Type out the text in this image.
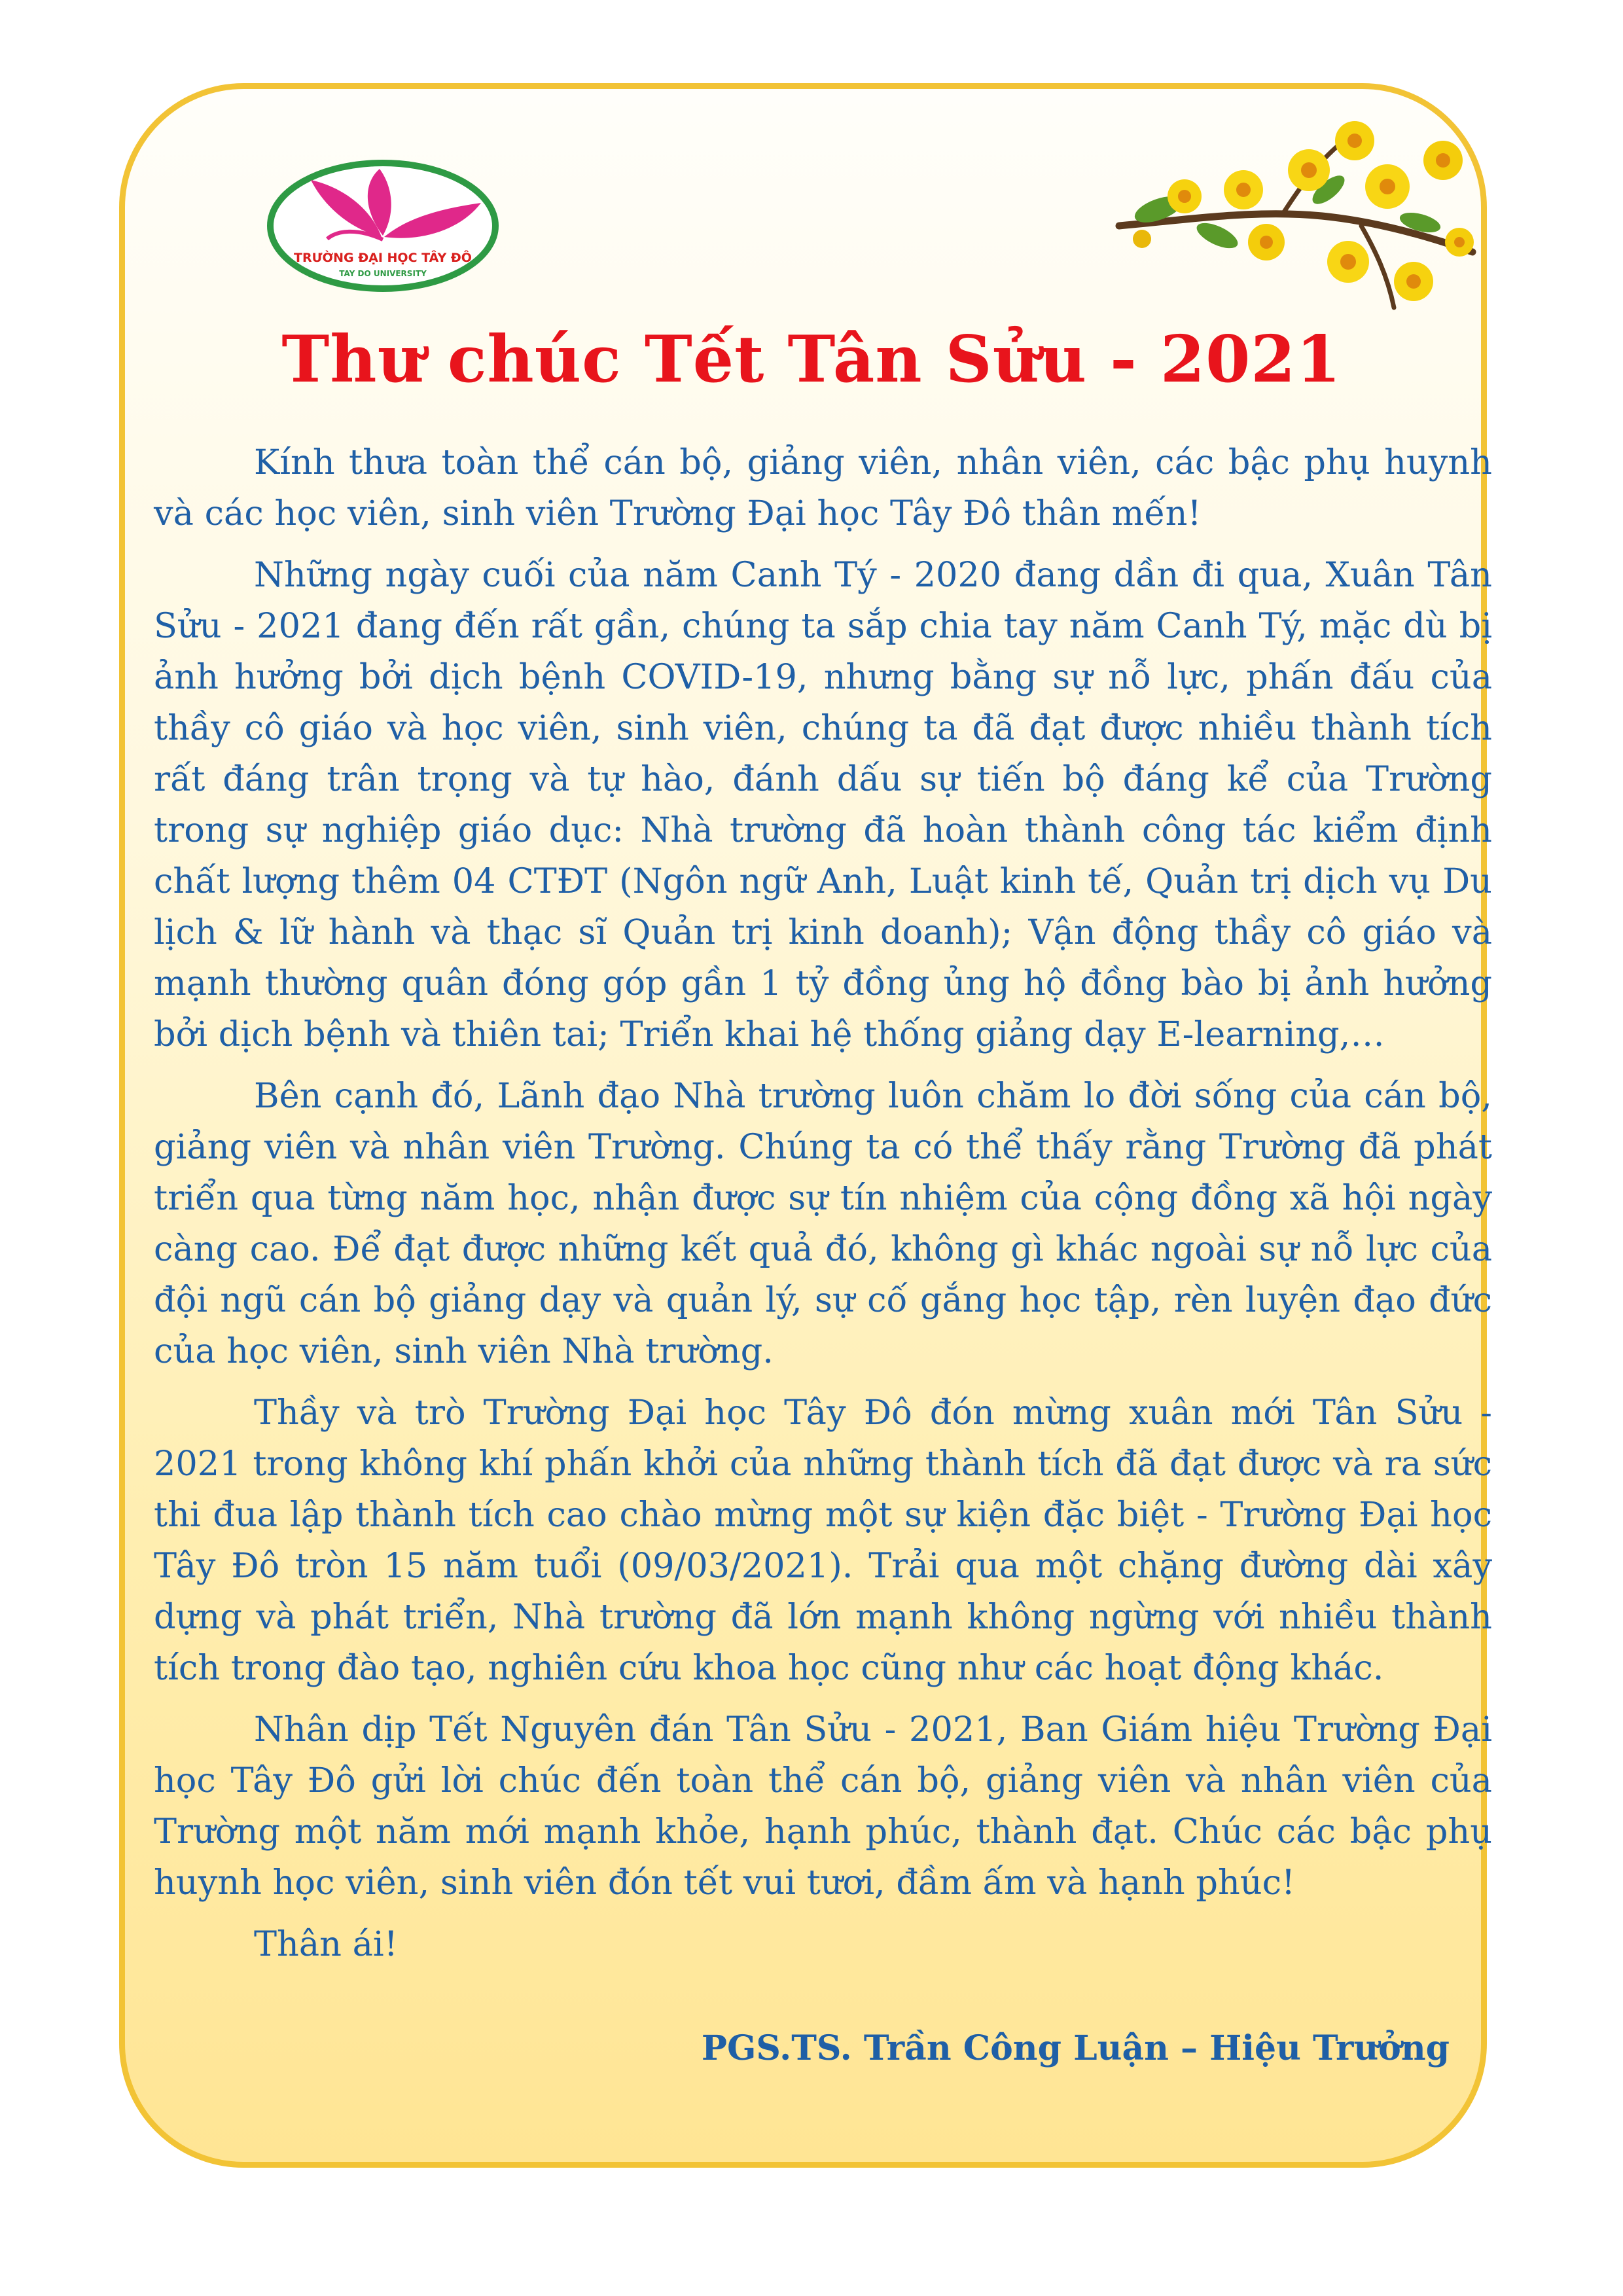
TRƯỜNG ĐẠI HỌC TÂY ĐÔ
TAY DO UNIVERSITY
Thư chúc Tết Tân Sửu - 2021

Kính thưa toàn thể cán bộ, giảng viên, nhân viên, các bậc phụ huynh và các học viên, sinh viên Trường Đại học Tây Đô thân mến!

Những ngày cuối của năm Canh Tý - 2020 đang dần đi qua, Xuân Tân Sửu - 2021 đang đến rất gần, chúng ta sắp chia tay năm Canh Tý, mặc dù bị ảnh hưởng bởi dịch bệnh COVID-19, nhưng bằng sự nỗ lực, phấn đấu của thầy cô giáo và học viên, sinh viên, chúng ta đã đạt được nhiều thành tích rất đáng trân trọng và tự hào, đánh dấu sự tiến bộ đáng kể của Trường trong sự nghiệp giáo dục: Nhà trường đã hoàn thành công tác kiểm định chất lượng thêm 04 CTĐT (Ngôn ngữ Anh, Luật kinh tế, Quản trị dịch vụ Du lịch & lữ hành và thạc sĩ Quản trị kinh doanh); Vận động thầy cô giáo và mạnh thường quân đóng góp gần 1 tỷ đồng ủng hộ đồng bào bị ảnh hưởng bởi dịch bệnh và thiên tai; Triển khai hệ thống giảng dạy E-learning,…

Bên cạnh đó, Lãnh đạo Nhà trường luôn chăm lo đời sống của cán bộ, giảng viên và nhân viên Trường. Chúng ta có thể thấy rằng Trường đã phát triển qua từng năm học, nhận được sự tín nhiệm của cộng đồng xã hội ngày càng cao. Để đạt được những kết quả đó, không gì khác ngoài sự nỗ lực của đội ngũ cán bộ giảng dạy và quản lý, sự cố gắng học tập, rèn luyện đạo đức của học viên, sinh viên Nhà trường.

Thầy và trò Trường Đại học Tây Đô đón mừng xuân mới Tân Sửu - 2021 trong không khí phấn khởi của những thành tích đã đạt được và ra sức thi đua lập thành tích cao chào mừng một sự kiện đặc biệt - Trường Đại học Tây Đô tròn 15 năm tuổi (09/03/2021). Trải qua một chặng đường dài xây dựng và phát triển, Nhà trường đã lớn mạnh không ngừng với nhiều thành tích trong đào tạo, nghiên cứu khoa học cũng như các hoạt động khác.

Nhân dịp Tết Nguyên đán Tân Sửu - 2021, Ban Giám hiệu Trường Đại học Tây Đô gửi lời chúc đến toàn thể cán bộ, giảng viên và nhân viên của Trường một năm mới mạnh khỏe, hạnh phúc, thành đạt. Chúc các bậc phụ huynh học viên, sinh viên đón tết vui tươi, đầm ấm và hạnh phúc!

Thân ái!

PGS.TS. Trần Công Luận – Hiệu Trưởng
